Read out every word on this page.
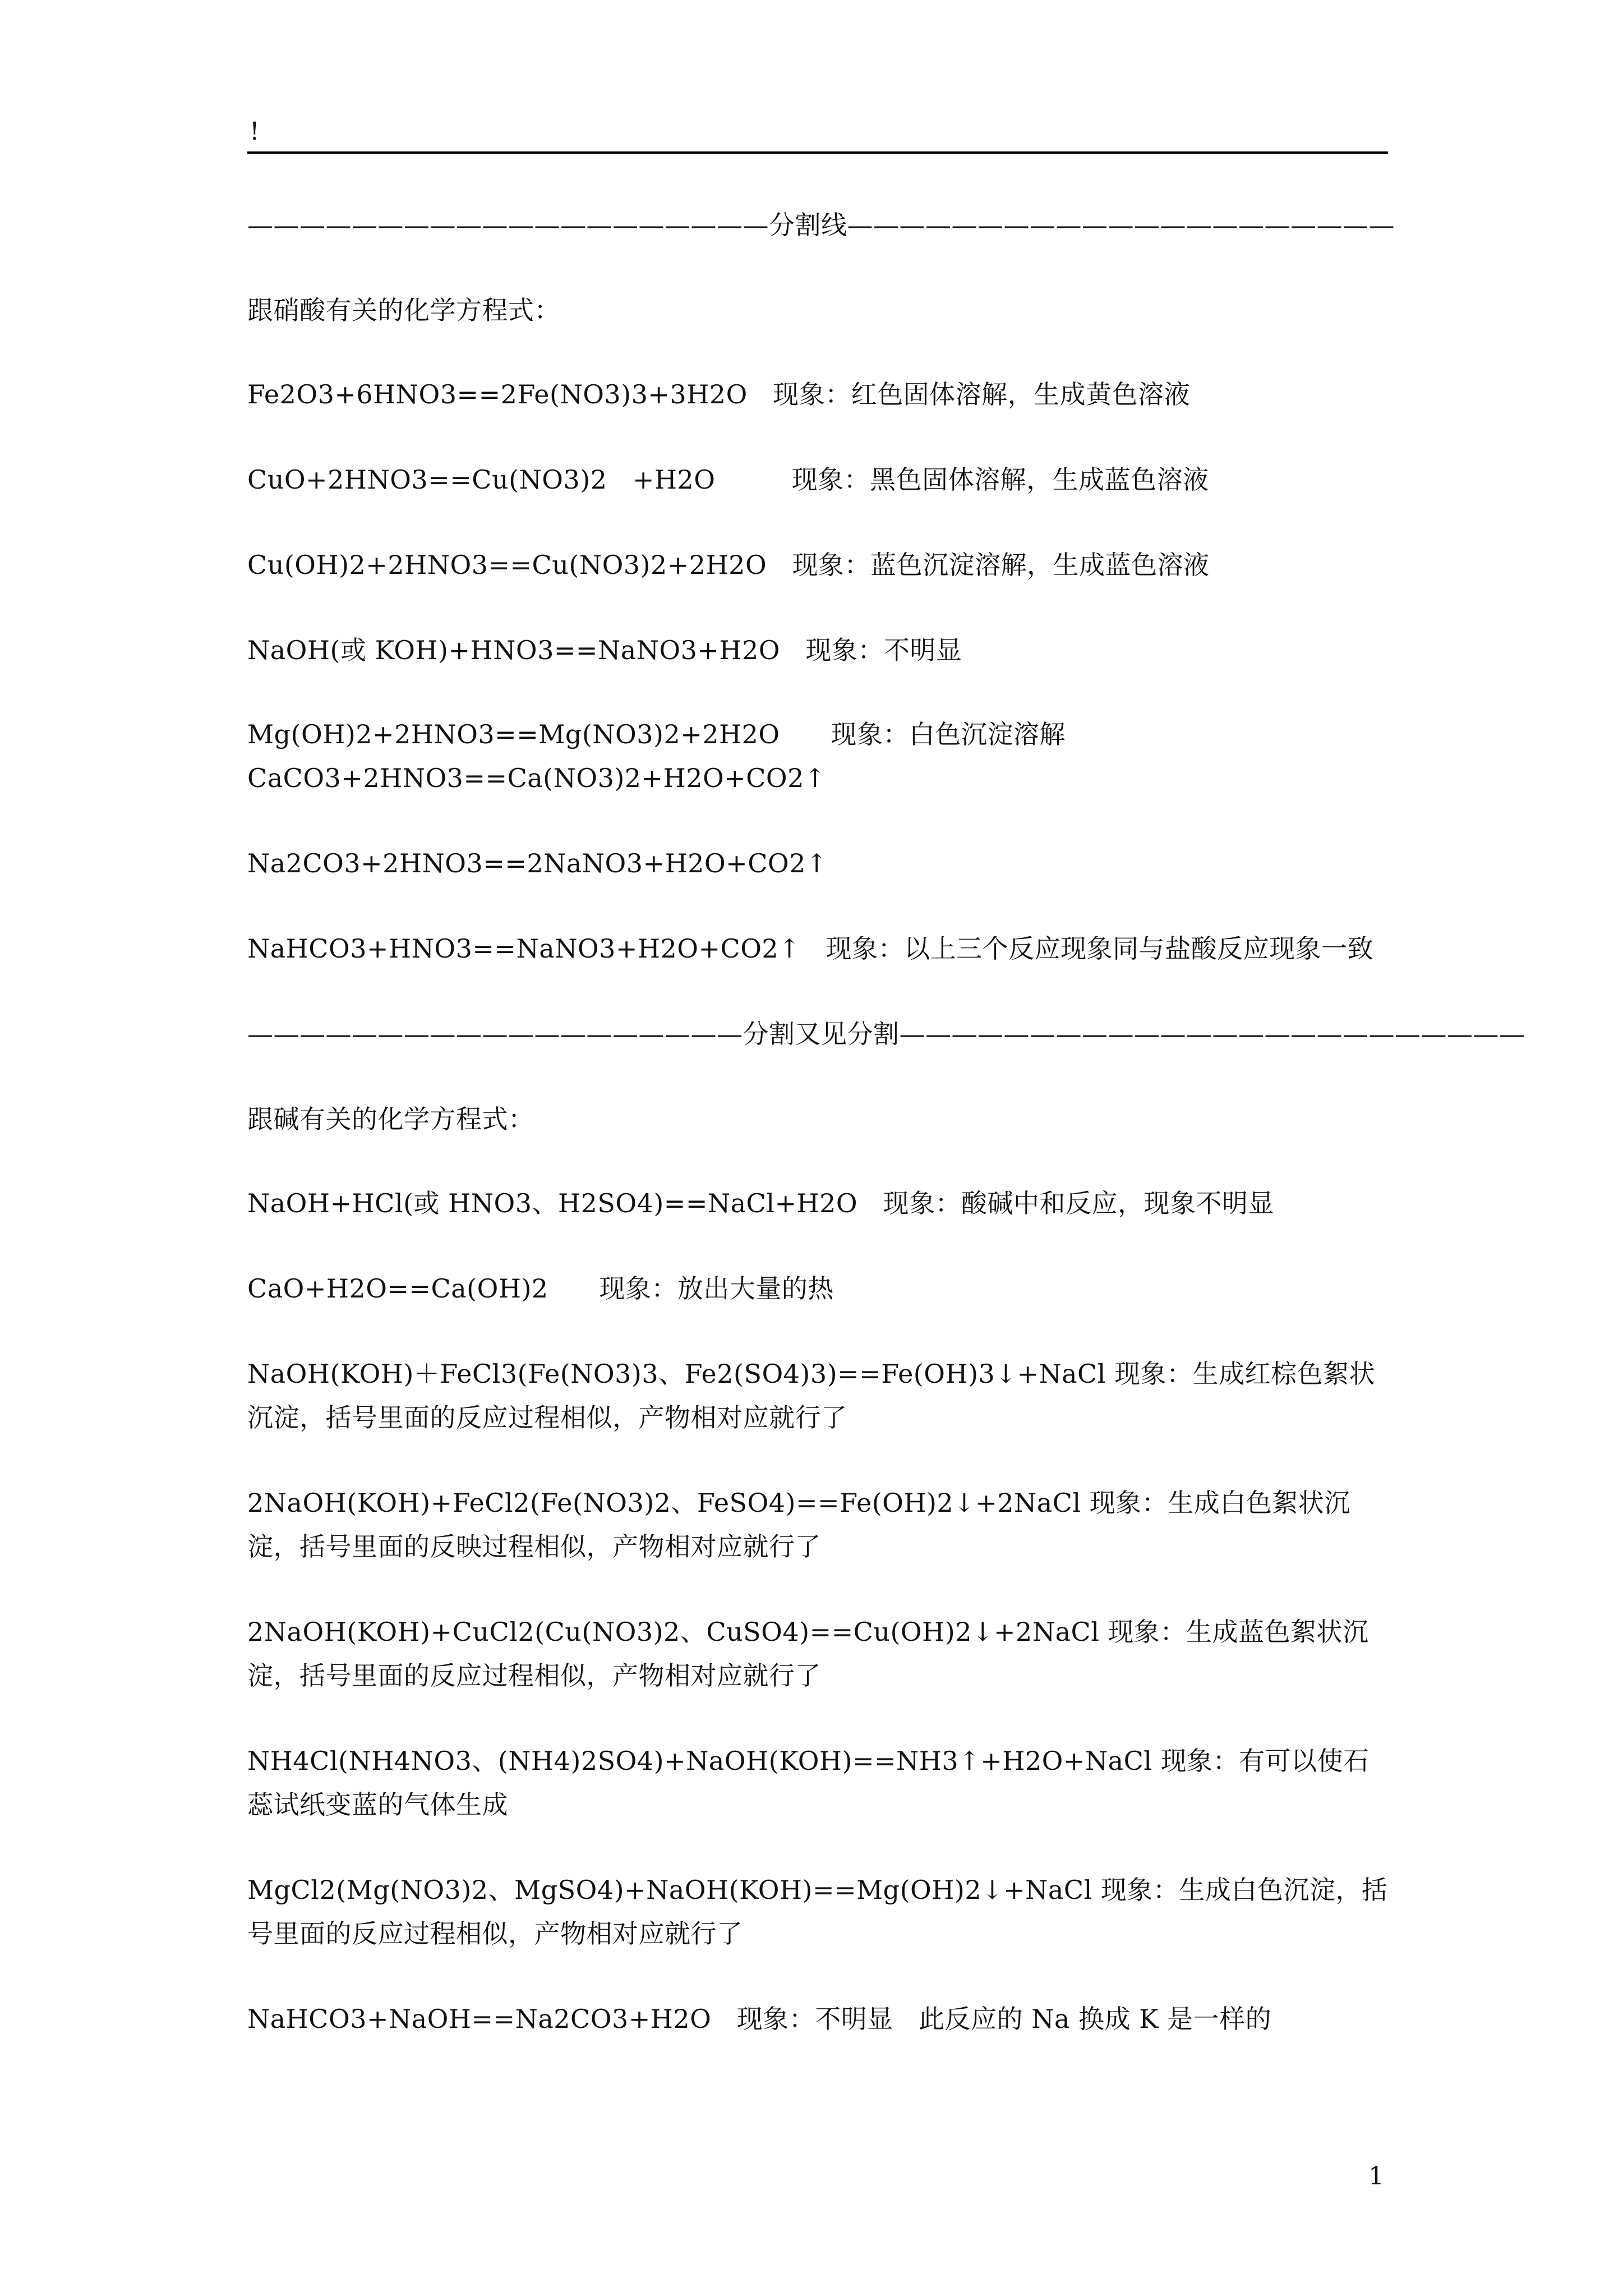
!
————————————————————分割线—————————————————————
跟硝酸有关的化学方程式：
Fe2O3+6HNO3==2Fe(NO3)3+3H2O   现象：红色固体溶解，生成黄色溶液
CuO+2HNO3==Cu(NO3)2   +H2O         现象：黑色固体溶解，生成蓝色溶液
Cu(OH)2+2HNO3==Cu(NO3)2+2H2O   现象：蓝色沉淀溶解，生成蓝色溶液
NaOH(或 KOH)+HNO3==NaNO3+H2O   现象：不明显
Mg(OH)2+2HNO3==Mg(NO3)2+2H2O      现象：白色沉淀溶解
CaCO3+2HNO3==Ca(NO3)2+H2O+CO2↑
Na2CO3+2HNO3==2NaNO3+H2O+CO2↑
NaHCO3+HNO3==NaNO3+H2O+CO2↑   现象：以上三个反应现象同与盐酸反应现象一致
———————————————————分割又见分割————————————————————————
跟碱有关的化学方程式：
NaOH+HCl(或 HNO3、H2SO4)==NaCl+H2O   现象：酸碱中和反应，现象不明显
CaO+H2O==Ca(OH)2      现象：放出大量的热
NaOH(KOH)＋FeCl3(Fe(NO3)3、Fe2(SO4)3)==Fe(OH)3↓+NaCl 现象：生成红棕色絮状沉淀，括号里面的反应过程相似，产物相对应就行了
2NaOH(KOH)+FeCl2(Fe(NO3)2、FeSO4)==Fe(OH)2↓+2NaCl 现象：生成白色絮状沉淀，括号里面的反映过程相似，产物相对应就行了
2NaOH(KOH)+CuCl2(Cu(NO3)2、CuSO4)==Cu(OH)2↓+2NaCl 现象：生成蓝色絮状沉淀，括号里面的反应过程相似，产物相对应就行了
NH4Cl(NH4NO3、(NH4)2SO4)+NaOH(KOH)==NH3↑+H2O+NaCl 现象：有可以使石蕊试纸变蓝的气体生成
MgCl2(Mg(NO3)2、MgSO4)+NaOH(KOH)==Mg(OH)2↓+NaCl 现象：生成白色沉淀，括号里面的反应过程相似，产物相对应就行了
NaHCO3+NaOH==Na2CO3+H2O   现象：不明显   此反应的 Na 换成 K 是一样的
1
